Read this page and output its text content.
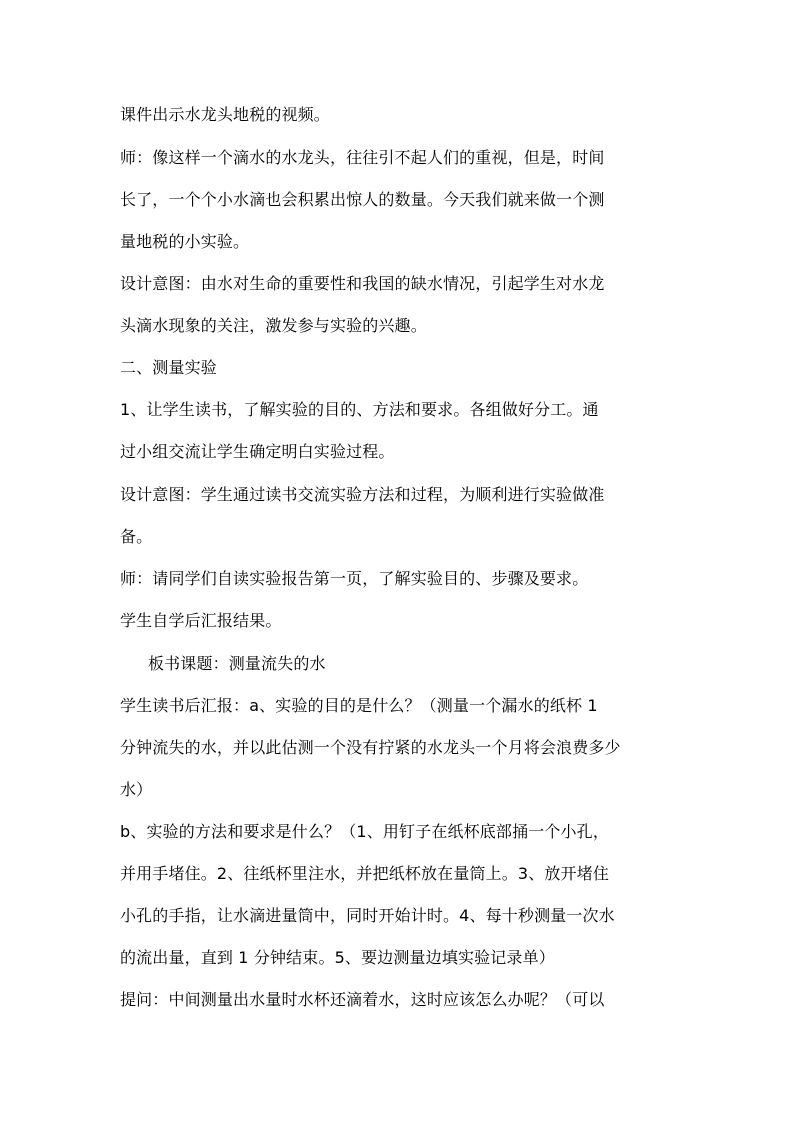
课件出示水龙头地税的视频。
师：像这样一个滴水的水龙头，往往引不起人们的重视，但是，时间
长了，一个个小水滴也会积累出惊人的数量。今天我们就来做一个测
量地税的小实验。
设计意图：由水对生命的重要性和我国的缺水情况，引起学生对水龙
头滴水现象的关注，激发参与实验的兴趣。
二、测量实验
1、让学生读书，了解实验的目的、方法和要求。各组做好分工。通
过小组交流让学生确定明白实验过程。
设计意图：学生通过读书交流实验方法和过程，为顺利进行实验做准
备。
师：请同学们自读实验报告第一页，了解实验目的、步骤及要求。
学生自学后汇报结果。
板书课题：测量流失的水
学生读书后汇报：a、实验的目的是什么？（测量一个漏水的纸杯 1
分钟流失的水，并以此估测一个没有拧紧的水龙头一个月将会浪费多少
水）
b、实验的方法和要求是什么？（1、用钉子在纸杯底部捅一个小孔，
并用手堵住。2、往纸杯里注水，并把纸杯放在量筒上。3、放开堵住
小孔的手指，让水滴进量筒中，同时开始计时。4、每十秒测量一次水
的流出量，直到 1 分钟结束。5、要边测量边填实验记录单）
提问：中间测量出水量时水杯还滴着水，这时应该怎么办呢？（可以
